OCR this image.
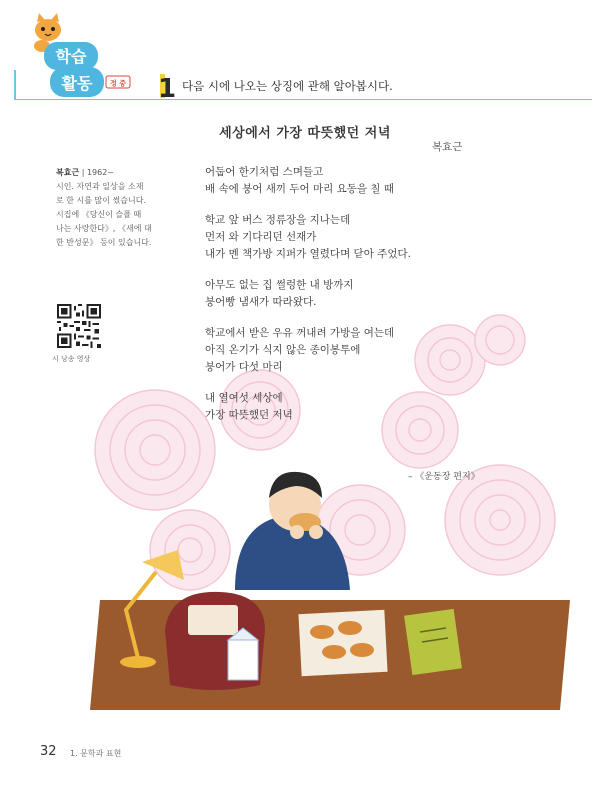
학습
활동	정 중 1 다음 시에 나오는 상징에 관해 알아봅시다.
세상에서 가장 따뜻했던 저녁
복효근
복효근 | 1962~
시인. 자연과 일상을 소재
로 한 시를 많이 썼습니다.
시집에 《당신이 슬플 때
나는 사랑한다》, 《새에 대
한 반성문》 등이 있습니다.
시 낭송 영상
어둡어 한기처럼 스며들고
배 속에 붕어 새끼 두어 마리 요동을 칠 때
학교 앞 버스 정류장을 지나는데
먼저 와 기다리던 선재가
내가 멘 책가방 지퍼가 열렸다며 닫아 주었다.
아무도 없는 집 썰렁한 내 방까지
붕어빵 냄새가 따라왔다.
학교에서 받은 우유 꺼내려 가방을 여는데
아직 온기가 식지 않은 종이봉투에
붕어가 다섯 마리
내 열여섯 세상에
가장 따뜻했던 저녁
– 《운동장 편지》
32 1. 문학과 표현
